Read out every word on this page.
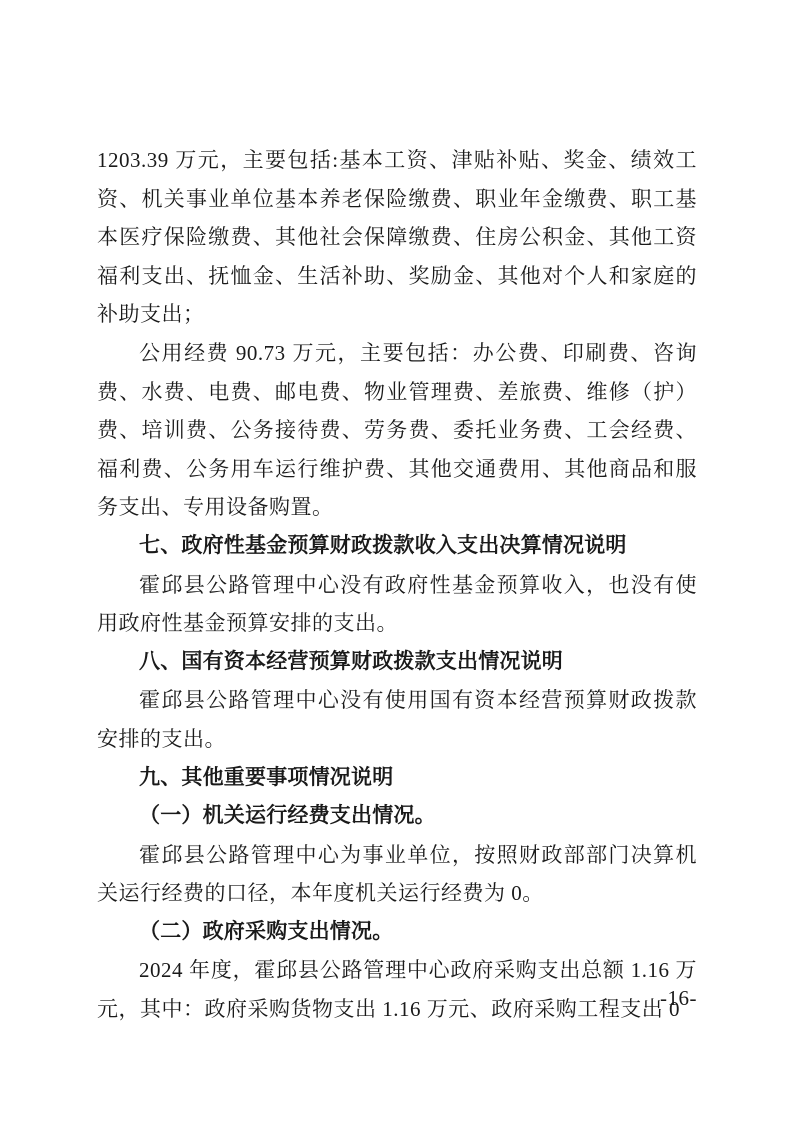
1203.39 万元，主要包括:基本工资、津贴补贴、奖金、绩效工资、机关事业单位基本养老保险缴费、职业年金缴费、职工基本医疗保险缴费、其他社会保障缴费、住房公积金、其他工资福利支出、抚恤金、生活补助、奖励金、其他对个人和家庭的补助支出；

公用经费 90.73 万元，主要包括：办公费、印刷费、咨询费、水费、电费、邮电费、物业管理费、差旅费、维修（护）费、培训费、公务接待费、劳务费、委托业务费、工会经费、福利费、公务用车运行维护费、其他交通费用、其他商品和服务支出、专用设备购置。

七、政府性基金预算财政拨款收入支出决算情况说明

霍邱县公路管理中心没有政府性基金预算收入，也没有使用政府性基金预算安排的支出。

八、国有资本经营预算财政拨款支出情况说明

霍邱县公路管理中心没有使用国有资本经营预算财政拨款安排的支出。

九、其他重要事项情况说明

（一）机关运行经费支出情况。

霍邱县公路管理中心为事业单位，按照财政部部门决算机关运行经费的口径，本年度机关运行经费为 0。

（二）政府采购支出情况。

2024 年度，霍邱县公路管理中心政府采购支出总额 1.16 万元，其中：政府采购货物支出 1.16 万元、政府采购工程支出 0

-16-
